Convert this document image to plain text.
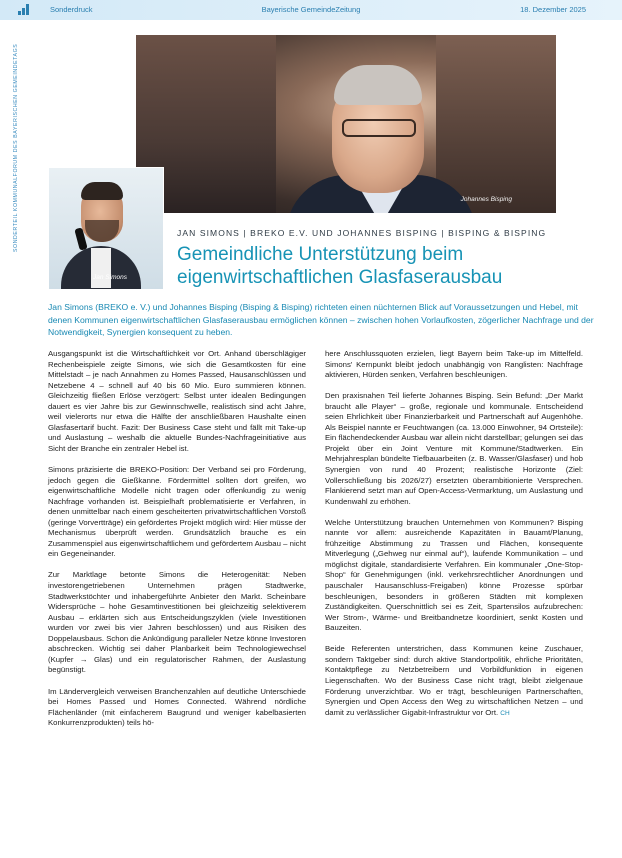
Sonderdruck	Bayerische GemeindeZeitung	18. Dezember 2025
SONDERTEIL KOMMUNALFORUM DES BAYERISCHEN GEMEINDETAGS	Johannes Bisping
Jan Simons
JAN SIMONS | BREKO E.V. UND JOHANNES BISPING | BISPING & BISPING
Gemeindliche Unterstützung beim
eigenwirtschaftlichen Glasfaserausbau
Jan Simons (BREKO e. V.) und Johannes Bisping (Bisping & Bisping) richteten einen nüchternen Blick auf Voraussetzungen und Hebel, mit denen Kommunen eigenwirtschaftlichen Glasfaserausbau ermöglichen können – zwischen hohen Vorlaufkosten, zögerlicher Nachfrage und der Notwendigkeit, Synergien konsequent zu heben.

Ausgangspunkt ist die Wirtschaftlichkeit vor Ort. Anhand überschlägiger Rechenbeispiele zeigte Simons, wie sich die Gesamtkosten für eine Mittelstadt – je nach Annahmen zu Homes Passed, Hausanschlüssen und Netzebene 4 – schnell auf 40 bis 60 Mio. Euro summieren können. Gleichzeitig fließen Erlöse verzögert: Selbst unter idealen Bedingungen dauert es vier Jahre bis zur Gewinnschwelle, realistisch sind acht Jahre, weil vielerorts nur etwa die Hälfte der anschließbaren Haushalte einen Glasfasertarif bucht. Fazit: Der Business Case steht und fällt mit Take-up und Auslastung – weshalb die aktuelle Bundes-Nachfrageinitiative aus Sicht der Branche ein zentraler Hebel ist.

Simons präzisierte die BREKO-Position: Der Verband sei pro Förderung, jedoch gegen die Gießkanne. Fördermittel sollten dort greifen, wo eigenwirtschaftliche Modelle nicht tragen oder offenkundig zu wenig Nachfrage vorhanden ist. Beispielhaft problematisierte er Verfahren, in denen unmittelbar nach einem gescheiterten privatwirtschaftlichen Vorstoß (geringe Vorvertträge) ein gefördertes Projekt möglich wird: Hier müsse der Mechanismus überprüft werden. Grundsätzlich brauche es ein Zusammenspiel aus eigenwirtschaftlichem und gefördertem Ausbau – nicht ein Gegeneinander.

Zur Marktlage betonte Simons die Heterogenität: Neben investorengetriebenen Unternehmen prägen Stadtwerke, Stadtwerkstöchter und inhabergeführte Anbieter den Markt. Scheinbare Widersprüche – hohe Gesamtinvestitionen bei gleichzeitig selektiverem Ausbau – erklärten sich aus Entscheidungszyklen (viele Investitionen wurden vor zwei bis vier Jahren beschlossen) und aus Risiken des Doppelausbaus. Schon die Ankündigung paralleler Netze könne Investoren abschrecken. Wichtig sei daher Planbarkeit beim Technologiewechsel (Kupfer → Glas) und ein regulatorischer Rahmen, der Auslastung begünstigt.

Im Ländervergleich verweisen Branchenzahlen auf deutliche Unterschiede bei Homes Passed und Homes Connected. Während nördliche Flächenländer (mit einfacherem Baugrund und weniger kabelbasierten Konkurrenzprodukten) teils hö-

here Anschlussquoten erzielen, liegt Bayern beim Take-up im Mittelfeld. Simons' Kernpunkt bleibt jedoch unabhängig von Ranglisten: Nachfrage aktivieren, Hürden senken, Verfahren beschleunigen.

Den praxisnahen Teil lieferte Johannes Bisping. Sein Befund: „Der Markt braucht alle Player“ – große, regionale und kommunale. Entscheidend seien Ehrlichkeit über Finanzierbarkeit und Partnerschaft auf Augenhöhe. Als Beispiel nannte er Feuchtwangen (ca. 13.000 Einwohner, 94 Ortsteile): Ein flächendeckender Ausbau war allein nicht darstellbar; gelungen sei das Projekt über ein Joint Venture mit Kommune/Stadtwerken. Ein Mehrjahresplan bündelte Tiefbauarbeiten (z. B. Wasser/Glasfaser) und hob Synergien von rund 40 Prozent; realistische Horizonte (Ziel: Vollerschließung bis 2026/27) ersetzten überambitionierte Versprechen. Flankierend setzt man auf Open-Access-Vermarktung, um Auslastung und Kundenwahl zu erhöhen.

Welche Unterstützung brauchen Unternehmen von Kommunen? Bisping nannte vor allem: ausreichende Kapazitäten in Bauamt/Planung, frühzeitige Abstimmung zu Trassen und Flächen, konsequente Mitverlegung („Gehweg nur einmal auf“), laufende Kommunikation – und möglichst digitale, standardisierte Verfahren. Ein kommunaler „One-Stop-Shop“ für Genehmigungen (inkl. verkehrsrechtlicher Anordnungen und pauschaler Hausanschluss-Freigaben) könne Prozesse spürbar beschleunigen, besonders in größeren Städten mit komplexen Zuständigkeiten. Querschnittlich sei es Zeit, Spartensilos aufzubrechen: Wer Strom-, Wärme- und Breitbandnetze koordiniert, senkt Kosten und Bauzeiten.

Beide Referenten unterstrichen, dass Kommunen keine Zuschauer, sondern Taktgeber sind: durch aktive Standortpolitik, ehrliche Prioritäten, Kontaktpflege zu Netzbetreibern und Vorbildfunktion in eigenen Liegenschaften. Wo der Business Case nicht trägt, bleibt zielgenaue Förderung unverzichtbar. Wo er trägt, beschleunigen Partnerschaften, Synergien und Open Access den Weg zu wirtschaftlichen Netzen – und damit zu verlässlicher Gigabit-Infrastruktur vor Ort. CH
